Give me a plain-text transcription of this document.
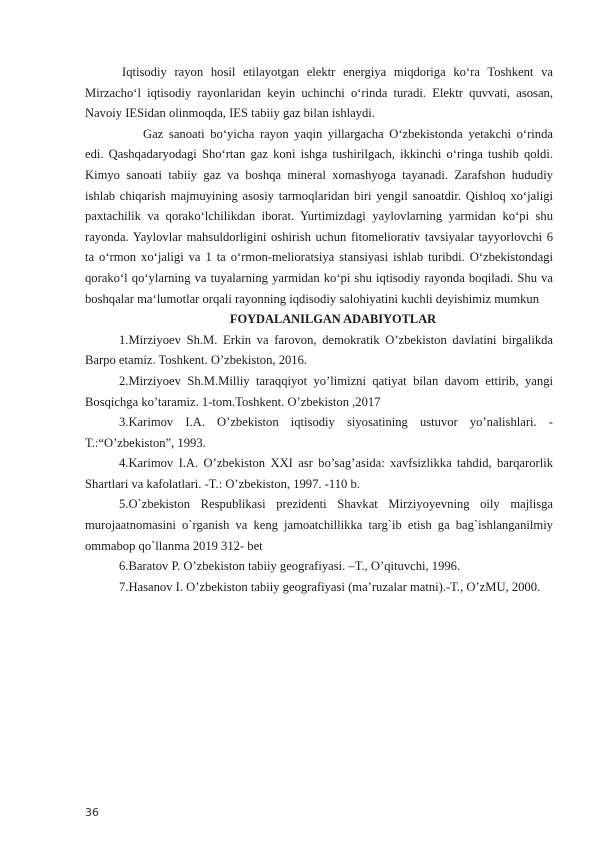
Iqtisodiy rayon hosil etilayotgan elektr energiya miqdoriga ko‘ra Toshkent va Mirzacho‘l iqtisodiy rayonlaridan keyin uchinchi o‘rinda turadi. Elektr quvvati, asosan, Navoiy IESidan olinmoqda, IES tabiiy gaz bilan ishlaydi.

Gaz sanoati bo‘yicha rayon yaqin yillargacha O‘zbekistonda yetakchi o‘rinda edi. Qashqadaryodagi Sho‘rtan gaz koni ishga tushirilgach, ikkinchi o‘ringa tushib qoldi. Kimyo sanoati tabiiy gaz va boshqa mineral xomashyoga tayanadi. Zarafshon hududiy ishlab chiqarish majmuyining asosiy tarmoqlaridan biri yengil sanoatdir. Qishloq xo‘jaligi paxtachilik va qorako‘lchilikdan iborat. Yurtimizdagi yaylovlarning yarmidan ko‘pi shu rayonda. Yaylovlar mahsuldorligini oshirish uchun fitomeliorativ tavsiyalar tayyorlovchi 6 ta o‘rmon xo‘jaligi va 1 ta o‘rmon-melioratsiya stansiyasi ishlab turibdi. O‘zbekistondagi qorako‘l qo‘ylarning va tuyalarning yarmidan ko‘pi shu iqtisodiy rayonda boqiladi. Shu va boshqalar ma‘lumotlar orqali rayonning iqdisodiy salohiyatini kuchli deyishimiz mumkun

FOYDALANILGAN ADABIYOTLAR

1.Mirziyoev Sh.M. Erkin va farovon, demokratik O’zbekiston davlatini birgalikda Barpo etamiz. Toshkent. O’zbekiston, 2016.

2.Mirziyoev Sh.M.Milliy taraqqiyot yo’limizni qatiyat bilan davom ettirib, yangi Bosqichga ko’taramiz. 1-tom.Toshkent. O’zbekiston ,2017

3.Karimov I.A. O’zbekiston iqtisodiy siyosatining ustuvor yo’nalishlari. - T.:“O’zbekiston”, 1993.

4.Karimov I.A. O’zbekiston XXI asr bo’sag’asida: xavfsizlikka tahdid, barqarorlik Shartlari va kafolatlari. -T.: O’zbekiston, 1997. -110 b.

5.O`zbekiston Respublikasi prezidenti Shavkat Mirziyoyevning oily majlisga murojaatnomasini o`rganish va keng jamoatchillikka targ`ib etish ga bag`ishlanganilmiy ommabop qo`llanma 2019 312- bet

6.Baratov P. O’zbekiston tabiiy geografiyasi. –T., O’qituvchi, 1996.

7.Hasanov I. O’zbekiston tabiiy geografiyasi (ma’ruzalar matni).-T., O’zMU, 2000.

36
